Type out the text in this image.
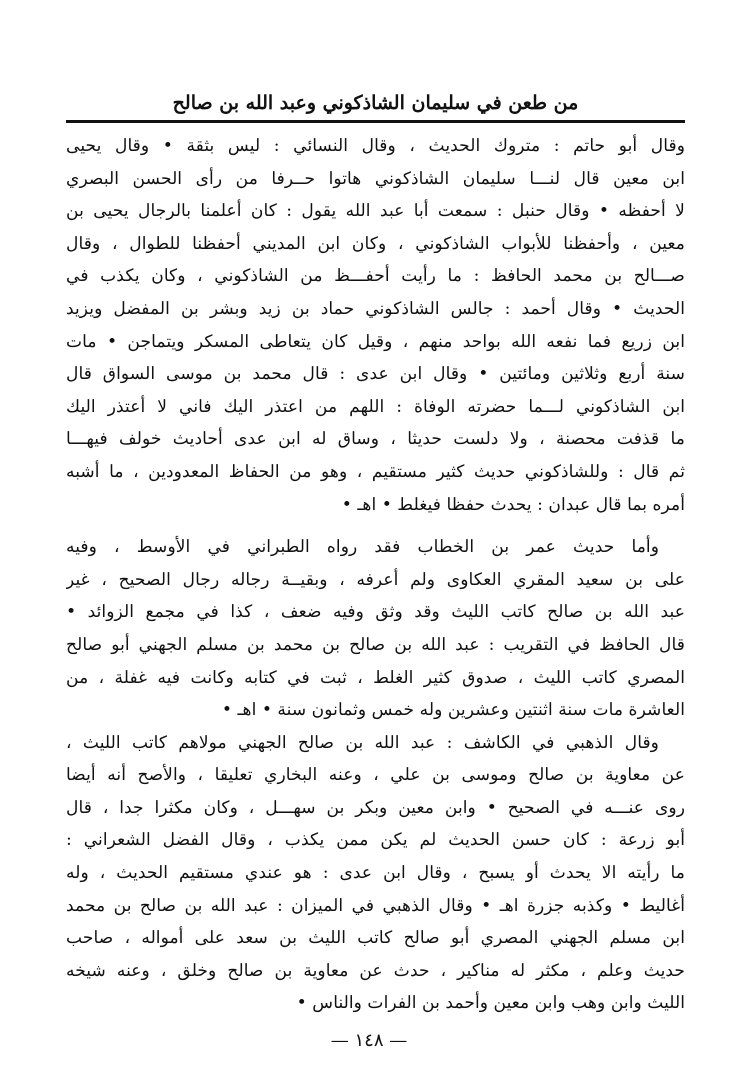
من طعن في سليمان الشاذكوني وعبد الله بن صالح
وقال أبو حاتم : متروك الحديث ، وقال النسائي : ليس بثقة • وقال يحيى
ابن معين قال لنـــا سليمان الشاذكوني هاتوا حــرفا من رأى الحسن البصري
لا أحفظه • وقال حنبل : سمعت أبا عبد الله يقول : كان أعلمنا بالرجال يحيى بن
معين ، وأحفظنا للأبواب الشاذكوني ، وكان ابن المديني أحفظنا للطوال ، وقال
صـــالح بن محمد الحافظ : ما رأيت أحفـــظ من الشاذكوني ، وكان يكذب في
الحديث • وقال أحمد : جالس الشاذكوني حماد بن زيد وبشر بن المفضل ويزيد
ابن زريع فما نفعه الله بواحد منهم ، وقيل كان يتعاطى المسكر ويتماجن • مات
سنة أربع وثلاثين ومائتين • وقال ابن عدى : قال محمد بن موسى السواق قال
ابن الشاذكوني لـــما حضرته الوفاة : اللهم من اعتذر اليك فاني لا أعتذر اليك
ما قذفت محصنة ، ولا دلست حديثا ، وساق له ابن عدى أحاديث خولف فيهـــا
ثم قال : وللشاذكوني حديث كثير مستقيم ، وهو من الحفاظ المعدودين ، ما أشبه
أمره بما قال عبدان : يحدث حفظا فيغلط • اهـ •
وأما حديث عمر بن الخطاب فقد رواه الطبراني في الأوسط ، وفيه
على بن سعيد المقري العكاوى ولم أعرفه ، وبقيــة رجاله رجال الصحيح ، غير
عبد الله بن صالح كاتب الليث وقد وثق وفيه ضعف ، كذا في مجمع الزوائد •
قال الحافظ في التقريب : عبد الله بن صالح بن محمد بن مسلم الجهني أبو صالح
المصري كاتب الليث ، صدوق كثير الغلط ، ثبت في كتابه وكانت فيه غفلة ، من
العاشرة مات سنة اثنتين وعشرين وله خمس وثمانون سنة • اهـ •
وقال الذهبي في الكاشف : عبد الله بن صالح الجهني مولاهم كاتب الليث ،
عن معاوية بن صالح وموسى بن علي ، وعنه البخاري تعليقا ، والأصح أنه أيضا
روى عنـــه في الصحيح • وابن معين وبكر بن سهـــل ، وكان مكثرا جدا ، قال
أبو زرعة : كان حسن الحديث لم يكن ممن يكذب ، وقال الفضل الشعراني :
ما رأيته الا يحدث أو يسبح ، وقال ابن عدى : هو عندي مستقيم الحديث ، وله
أغاليط • وكذبه جزرة اهـ • وقال الذهبي في الميزان : عبد الله بن صالح بن محمد
ابن مسلم الجهني المصري أبو صالح كاتب الليث بن سعد على أمواله ، صاحب
حديث وعلم ، مكثر له مناكير ، حدث عن معاوية بن صالح وخلق ، وعنه شيخه
الليث وابن وهب وابن معين وأحمد بن الفرات والناس •
— ١٤٨ —
